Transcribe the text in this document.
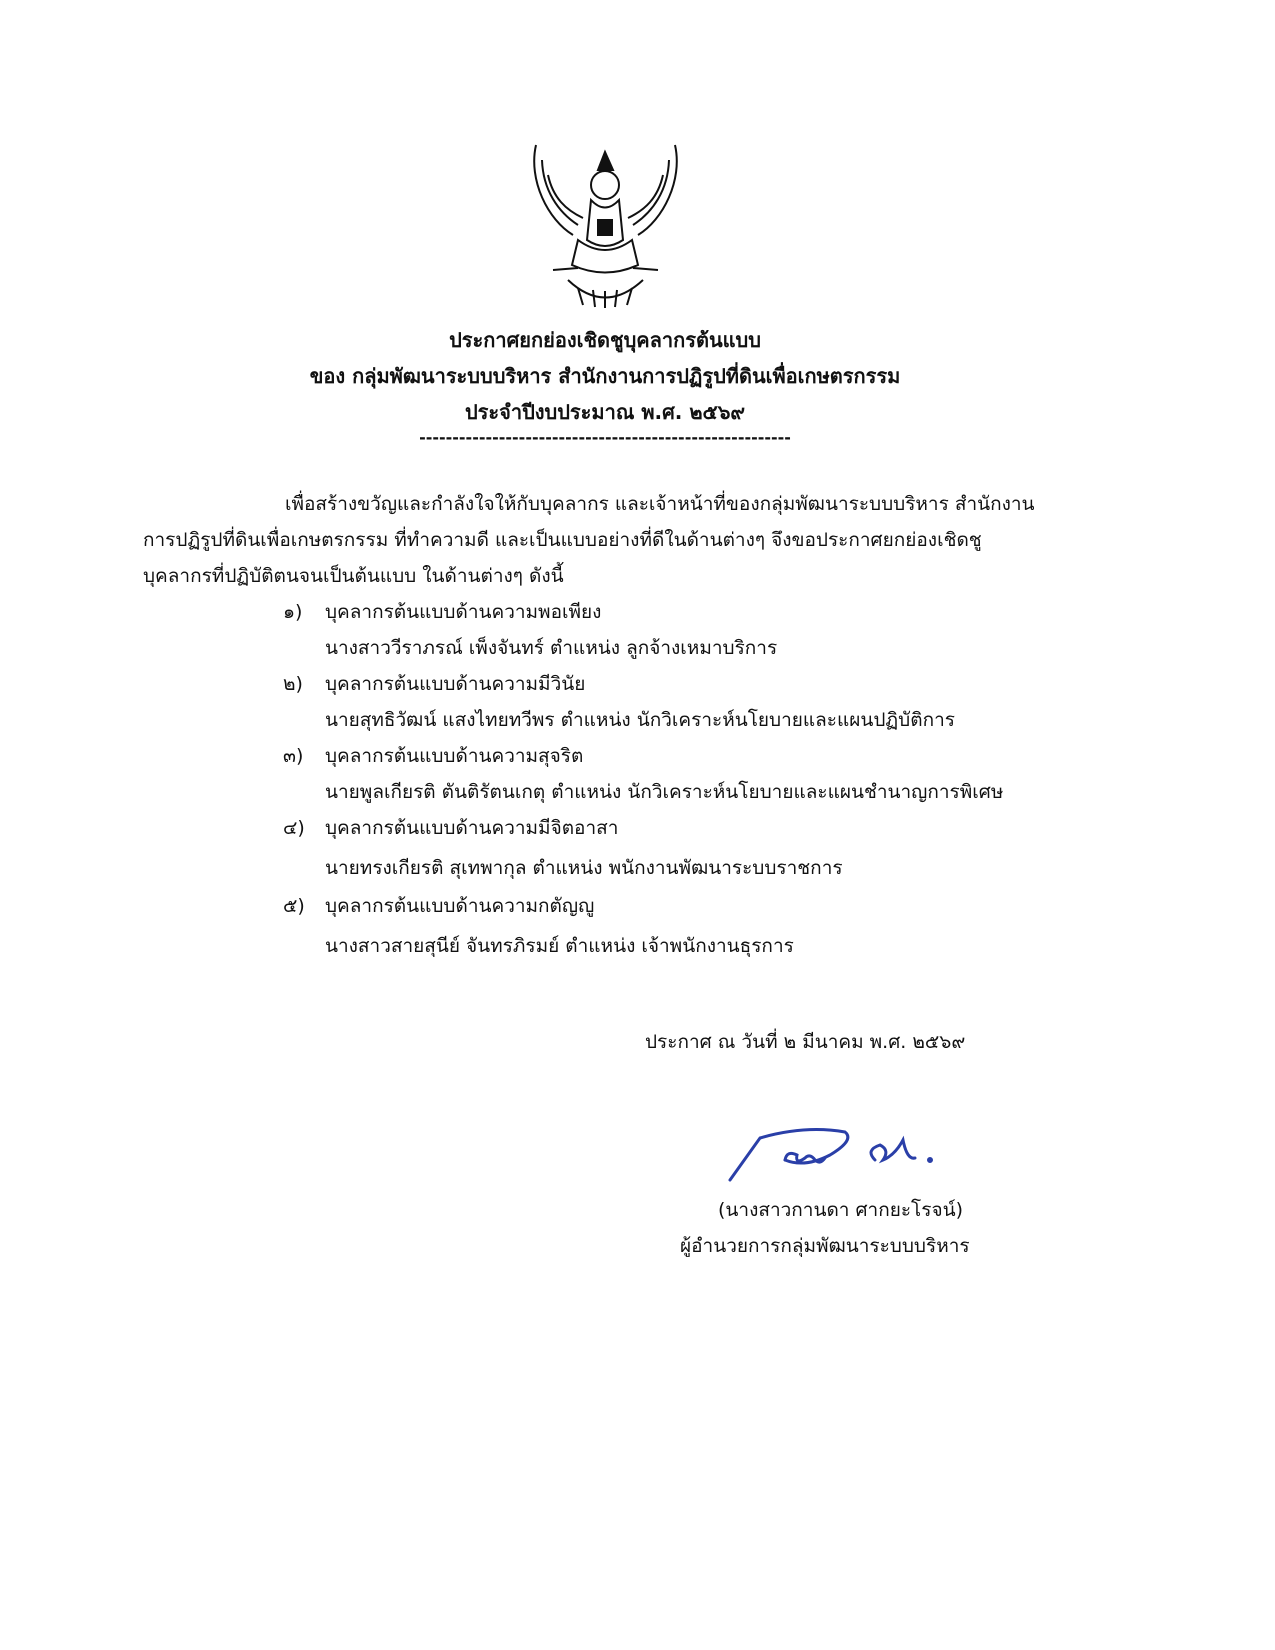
ประกาศยกย่องเชิดชูบุคลากรต้นแบบ
ของ กลุ่มพัฒนาระบบบริหาร สำนักงานการปฏิรูปที่ดินเพื่อเกษตรกรรม
ประจำปีงบประมาณ พ.ศ. ๒๕๖๙
--------------------------------------------------------
เพื่อสร้างขวัญและกำลังใจให้กับบุคลากร และเจ้าหน้าที่ของกลุ่มพัฒนาระบบบริหาร สำนักงาน
การปฏิรูปที่ดินเพื่อเกษตรกรรม ที่ทำความดี และเป็นแบบอย่างที่ดีในด้านต่างๆ จึงขอประกาศยกย่องเชิดชู
บุคลากรที่ปฏิบัติตนจนเป็นต้นแบบ ในด้านต่างๆ ดังนี้
๑) บุคลากรต้นแบบด้านความพอเพียง
นางสาววีราภรณ์ เพ็งจันทร์ ตำแหน่ง ลูกจ้างเหมาบริการ
๒) บุคลากรต้นแบบด้านความมีวินัย
นายสุทธิวัฒน์ แสงไทยทวีพร ตำแหน่ง นักวิเคราะห์นโยบายและแผนปฏิบัติการ
๓) บุคลากรต้นแบบด้านความสุจริต
นายพูลเกียรติ ตันติรัตนเกตุ ตำแหน่ง นักวิเคราะห์นโยบายและแผนชำนาญการพิเศษ
๔) บุคลากรต้นแบบด้านความมีจิตอาสา
นายทรงเกียรติ สุเทพากุล ตำแหน่ง พนักงานพัฒนาระบบราชการ
๕) บุคลากรต้นแบบด้านความกตัญญู
นางสาวสายสุนีย์ จันทรภิรมย์ ตำแหน่ง เจ้าพนักงานธุรการ
ประกาศ ณ วันที่ ๒ มีนาคม พ.ศ. ๒๕๖๙
(นางสาวกานดา ศากยะโรจน์)
ผู้อำนวยการกลุ่มพัฒนาระบบบริหาร
